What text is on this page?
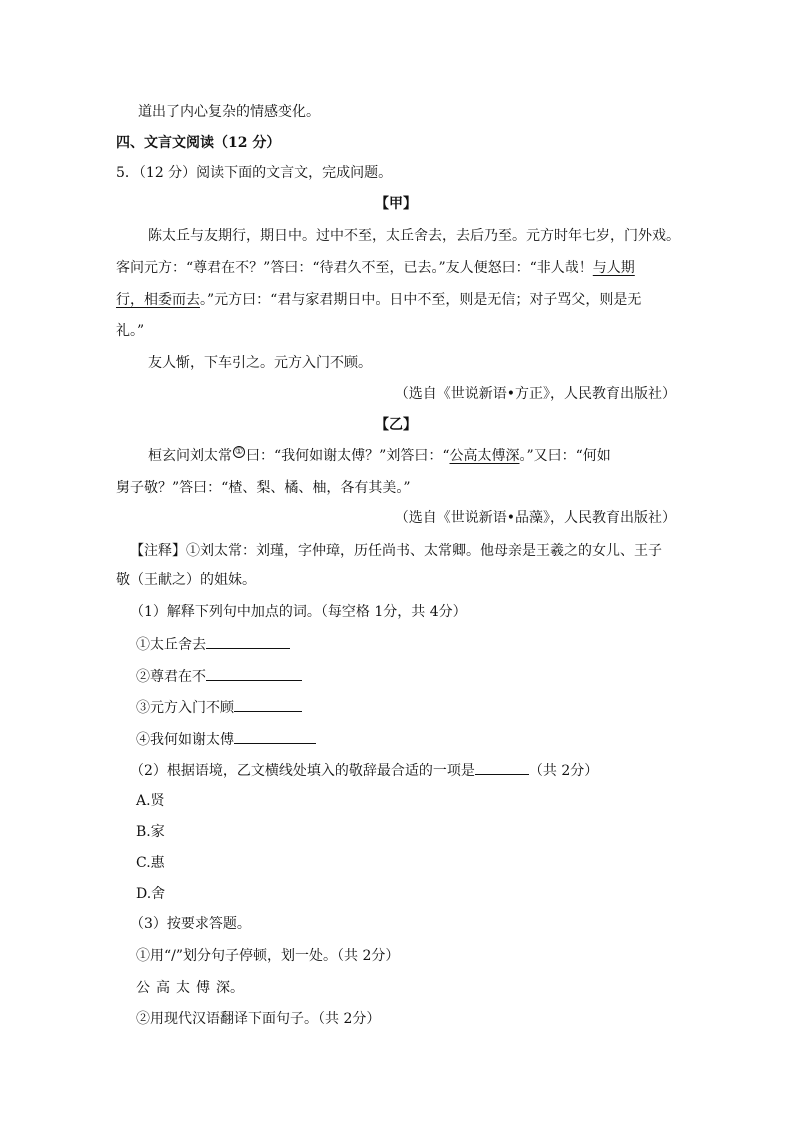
道出了内心复杂的情感变化。
四、文言文阅读（12 分）
5．（12 分）阅读下面的文言文，完成问题。
【甲】
陈太丘与友期行，期日中。过中不至，太丘舍去，去后乃至。元方时年七岁，门外戏。
客问元方：“尊君在不？”答曰：“待君久不至，已去。”友人便怒曰：“非人哉！与人期
行，相委而去。”元方曰：“君与家君期日中。日中不至，则是无信；对子骂父，则是无
礼。”
友人惭，下车引之。元方入门不顾。
（选自《世说新语•方正》，人民教育出版社）
【乙】
桓玄问刘太常 ① 曰：“我何如谢太傅？”刘答曰：“公高太傅深。”又曰：“何如
舅子敬？”答曰：“楂、梨、橘、柚，各有其美。”
（选自《世说新语•品藻》，人民教育出版社）
【注释】①刘太常：刘瑾，字仲璋，历任尚书、太常卿。他母亲是王羲之的女儿、王子
敬（王献之）的姐妹。
（1）解释下列句中加点的词。（每空格 1分，共 4分）
①太丘舍去
②尊君在不
③元方入门不顾
④我何如谢太傅
（2）根据语境，乙文横线处填入的敬辞最合适的一项是	（共 2分）
A.贤
B.家
C.惠
D.舍
（3）按要求答题。
①用“/”划分句子停顿，划一处。（共 2分）
公 高 太 傅 深。
②用现代汉语翻译下面句子。（共 2分）
